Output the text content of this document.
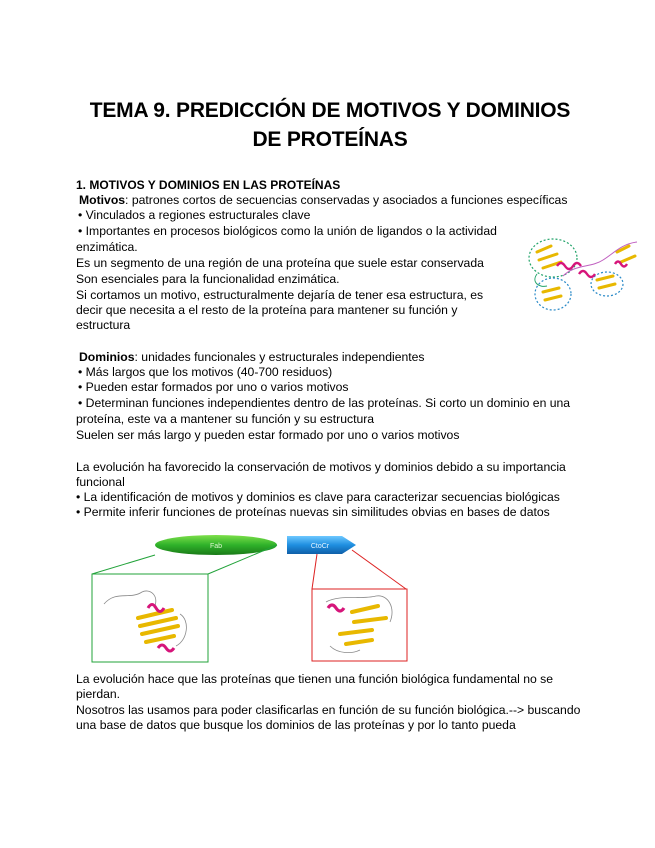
TEMA 9. PREDICCIÓN DE MOTIVOS Y DOMINIOS
DE PROTEÍNAS
1. MOTIVOS Y DOMINIOS EN LAS PROTEÍNAS
Motivos: patrones cortos de secuencias conservadas y asociados a funciones específicas
• Vinculados a regiones estructurales clave
• Importantes en procesos biológicos como la unión de ligandos o la actividad
enzimática.
Es un segmento de una región de una proteína que suele estar conservada
Son esenciales para la funcionalidad enzimática.
Si cortamos un motivo, estructuralmente dejaría de tener esa estructura, es
decir que necesita a el resto de la proteína para mantener su función y
estructura
Dominios: unidades funcionales y estructurales independientes
• Más largos que los motivos (40-700 residuos)
• Pueden estar formados por uno o varios motivos
• Determinan funciones independientes dentro de las proteínas. Si corto un dominio en una
proteína, este va a mantener su función y su estructura
Suelen ser más largo y pueden estar formado por uno o varios motivos
La evolución ha favorecido la conservación de motivos y dominios debido a su importancia
funcional
• La identificación de motivos y dominios es clave para caracterizar secuencias biológicas
• Permite inferir funciones de proteínas nuevas sin similitudes obvias en bases de datos
Fab	CtoCr
La evolución hace que las proteínas que tienen una función biológica fundamental no se
pierdan.
Nosotros las usamos para poder clasificarlas en función de su función biológica.--> buscando
una base de datos que busque los dominios de las proteínas y por lo tanto pueda
